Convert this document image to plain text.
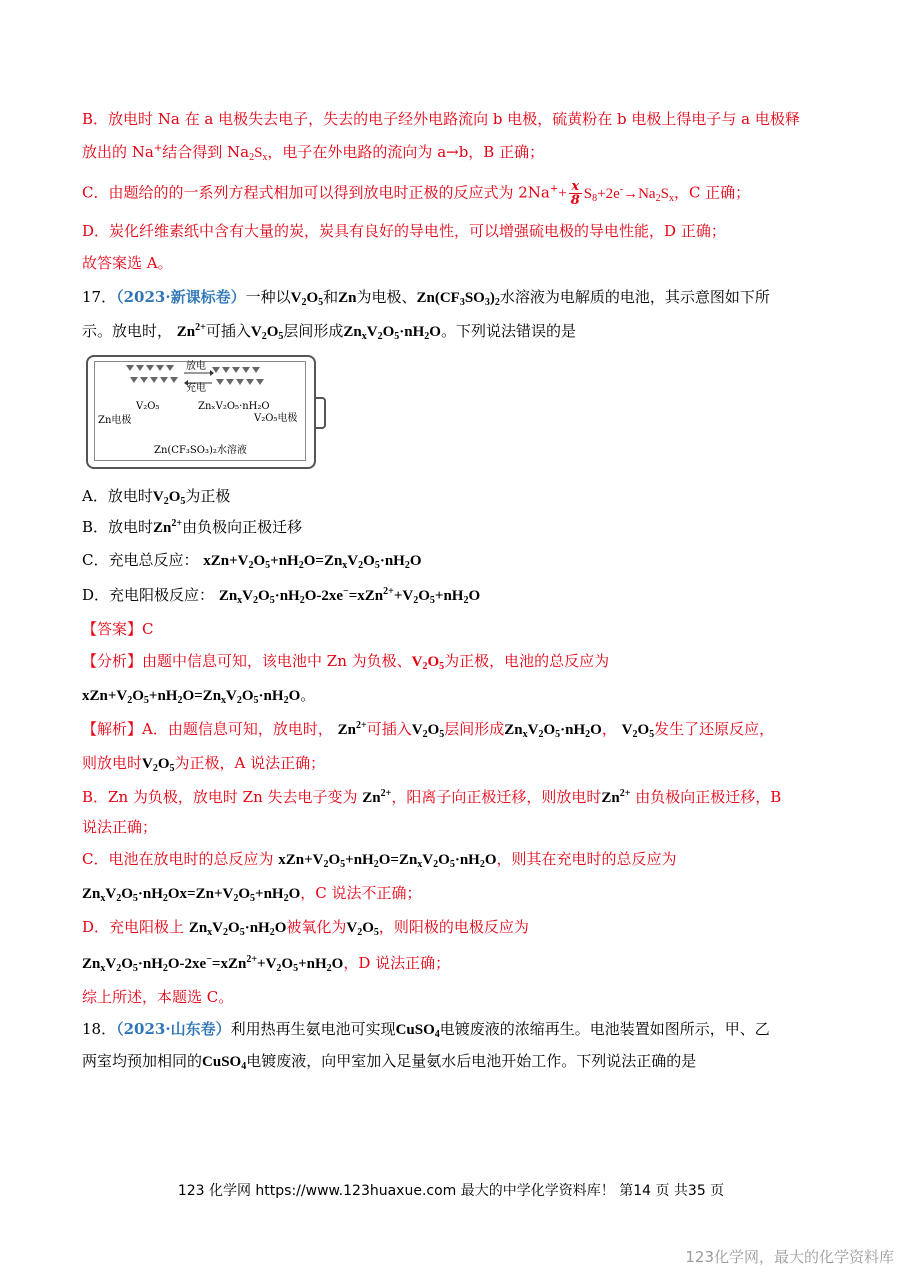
B．放电时 Na 在 a 电极失去电子，失去的电子经外电路流向 b 电极，硫黄粉在 b 电极上得电子与 a 电极释
放出的 Na+结合得到 $Na_2S_x$，电子在外电路的流向为 a→b，B 正确；
C．由题给的的一系列方程式相加可以得到放电时正极的反应式为 $2Na^++ \frac{x}{8} S_8+2e^-\to Na_2S_x$，C 正确；
D．炭化纤维素纸中含有大量的炭，炭具有良好的导电性，可以增强硫电极的导电性能，D 正确；
故答案选 A。
17．（2023·新课标卷）一种以$V_2O_5$和Zn为电极、$Zn(CF_3SO_3)_2$水溶液为电解质的电池，其示意图如下所
示。放电时， $Zn^{2+}$可插入$V_2O_5$层间形成$Zn_xV_2O_5\cdot nH_2O$。下列说法错误的是
放电
充电
V₂O₅	ZnₓV₂O₅·nH₂O
Zn电极	V₂O₅电极
Zn(CF₃SO₃)₂水溶液
A．放电时$V_2O_5$为正极
B．放电时$Zn^{2+}$由负极向正极迁移
C．充电总反应： $xZn+V_2O_5+nH_2O=Zn_xV_2O_5\cdot nH_2O$
D．充电阳极反应： $Zn_xV_2O_5\cdot nH_2O-2xe^-=xZn^{2+}+V_2O_5+nH_2O$
【答案】C
【分析】由题中信息可知，该电池中 Zn 为负极、$V_2O_5$为正极，电池的总反应为
$xZn+V_2O_5+nH_2O=Zn_xV_2O_5\cdot nH_2O$。
【解析】A．由题信息可知，放电时， $Zn^{2+}$可插入$V_2O_5$层间形成$Zn_xV_2O_5\cdot nH_2O$， $V_2O_5$发生了还原反应，
则放电时$V_2O_5$为正极，A 说法正确；
B．Zn 为负极，放电时 Zn 失去电子变为 $Zn^{2+}$，阳离子向正极迁移，则放电时$Zn^{2+}$ 由负极向正极迁移，B
说法正确；
C．电池在放电时的总反应为 $xZn+V_2O_5+nH_2O=Zn_xV_2O_5\cdot nH_2O$，则其在充电时的总反应为
$Zn_xV_2O_5\cdot nH_2Ox=Zn+V_2O_5+nH_2O$，C 说法不正确；
D．充电阳极上 $Zn_xV_2O_5\cdot nH_2O$被氧化为$V_2O_5$，则阳极的电极反应为
$Zn_xV_2O_5\cdot nH_2O-2xe^-=xZn^{2+}+V_2O_5+nH_2O$，D 说法正确；
综上所述，本题选 C。
18．（2023·山东卷）利用热再生氨电池可实现CuSO$_4$电镀废液的浓缩再生。电池装置如图所示，甲、乙
两室均预加相同的CuSO$_4$电镀废液，向甲室加入足量氨水后电池开始工作。下列说法正确的是
123 化学网 https://www.123huaxue.com 最大的中学化学资料库！ 第14 页 共35 页
123化学网，最大的化学资料库
